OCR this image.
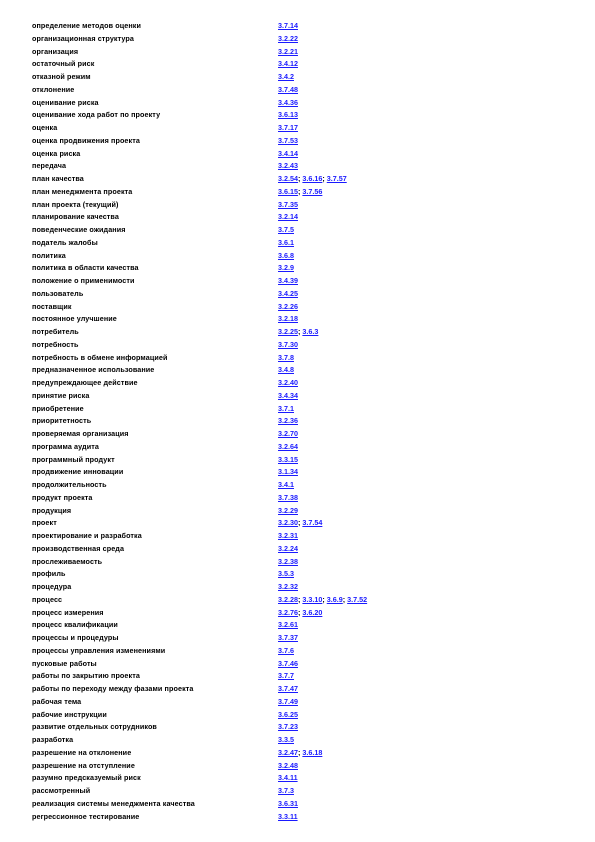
определение методов оценки	3.7.14
организационная структура	3.2.22
организация	3.2.21
остаточный риск	3.4.12
отказной режим	3.4.2
отклонение	3.7.48
оценивание риска	3.4.36
оценивание хода работ по проекту	3.6.13
оценка	3.7.17
оценка продвижения проекта	3.7.53
оценка риска	3.4.14
передача	3.2.43
план качества	3.2.54; 3.6.16; 3.7.57
план менеджмента проекта	3.6.15; 3.7.56
план проекта (текущий)	3.7.35
планирование качества	3.2.14
поведенческие ожидания	3.7.5
податель жалобы	3.6.1
политика	3.6.8
политика в области качества	3.2.9
положение о применимости	3.4.39
пользователь	3.4.25
поставщик	3.2.26
постоянное улучшение	3.2.18
потребитель	3.2.25; 3.6.3
потребность	3.7.30
потребность в обмене информацией	3.7.8
предназначенное использование	3.4.8
предупреждающее действие	3.2.40
принятие риска	3.4.34
приобретение	3.7.1
приоритетность	3.2.36
проверяемая организация	3.2.70
программа аудита	3.2.64
программный продукт	3.3.15
продвижение инновации	3.1.34
продолжительность	3.4.1
продукт проекта	3.7.38
продукция	3.2.29
проект	3.2.30; 3.7.54
проектирование и разработка	3.2.31
производственная среда	3.2.24
прослеживаемость	3.2.38
профиль	3.5.3
процедура	3.2.32
процесс	3.2.28; 3.3.10; 3.6.9; 3.7.52
процесс измерения	3.2.76; 3.6.20
процесс квалификации	3.2.61
процессы и процедуры	3.7.37
процессы управления изменениями	3.7.6
пусковые работы	3.7.46
работы по закрытию проекта	3.7.7
работы по переходу между фазами проекта	3.7.47
рабочая тема	3.7.49
рабочие инструкции	3.6.25
развитие отдельных сотрудников	3.7.23
разработка	3.3.5
разрешение на отклонение	3.2.47; 3.6.18
разрешение на отступление	3.2.48
разумно предсказуемый риск	3.4.11
рассмотренный	3.7.3
реализация системы менеджмента качества	3.6.31
регрессионное тестирование	3.3.11
